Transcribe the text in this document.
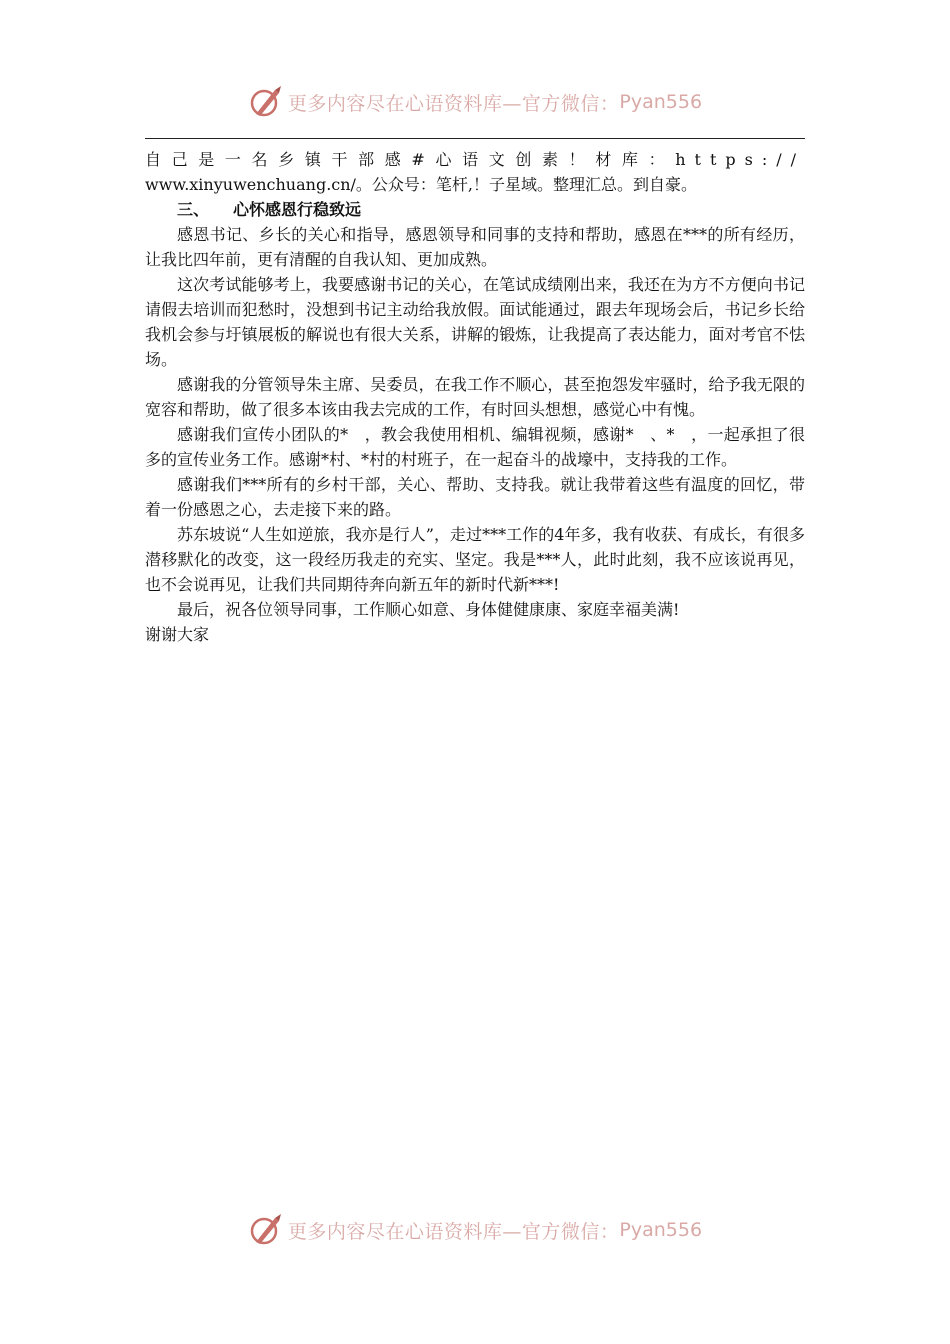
更多内容尽在心语资料库—官方微信： Pyan556

自己是一名乡镇干部感#心语文创素！材库：https://

www.xinyuwenchuang.cn/。公众号：笔杆,！子星域。整理汇总。到自豪。

三、 心怀感恩行稳致远

感恩书记、乡长的关心和指导，感恩领导和同事的支持和帮助，感恩在***的所有经历，让我比四年前，更有清醒的自我认知、更加成熟。

这次考试能够考上，我要感谢书记的关心，在笔试成绩刚出来，我还在为方不方便向书记请假去培训而犯愁时，没想到书记主动给我放假。面试能通过，跟去年现场会后，书记乡长给我机会参与圩镇展板的解说也有很大关系，讲解的锻炼，让我提高了表达能力，面对考官不怯场。

感谢我的分管领导朱主席、吴委员，在我工作不顺心，甚至抱怨发牢骚时，给予我无限的宽容和帮助，做了很多本该由我去完成的工作，有时回头想想，感觉心中有愧。

感谢我们宣传小团队的*　，教会我使用相机、编辑视频，感谢*　、*　，一起承担了很多的宣传业务工作。感谢*村、*村的村班子，在一起奋斗的战壕中，支持我的工作。

感谢我们***所有的乡村干部，关心、帮助、支持我。就让我带着这些有温度的回忆，带着一份感恩之心，去走接下来的路。

苏东坡说“人生如逆旅，我亦是行人”，走过***工作的4年多，我有收获、有成长，有很多潜移默化的改变，这一段经历我走的充实、坚定。我是***人，此时此刻，我不应该说再见，也不会说再见，让我们共同期待奔向新五年的新时代新***!

最后，祝各位领导同事，工作顺心如意、身体健健康康、家庭幸福美满!

谢谢大家

更多内容尽在心语资料库—官方微信： Pyan556
